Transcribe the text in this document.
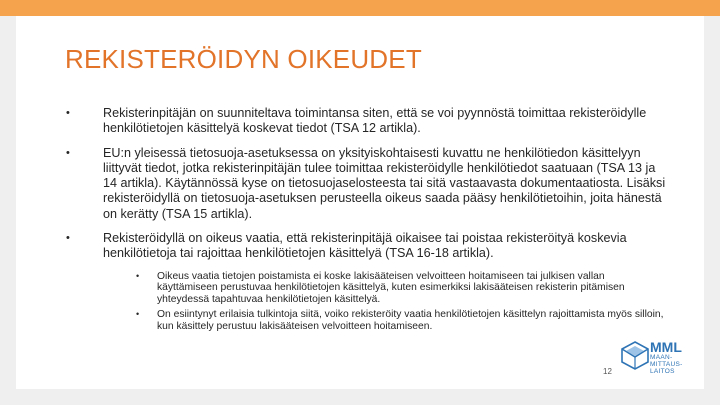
REKISTERÖIDYN OIKEUDET
•	Rekisterinpitäjän on suunniteltava toimintansa siten, että se voi pyynnöstä toimittaa rekisteröidylle henkilötietojen käsittelyä koskevat tiedot (TSA 12 artikla).
•	EU:n yleisessä tietosuoja-asetuksessa on yksityiskohtaisesti kuvattu ne henkilötiedon käsittelyyn liittyvät tiedot, jotka rekisterinpitäjän tulee toimittaa rekisteröidylle henkilötiedot saatuaan (TSA 13 ja 14 artikla). Käytännössä kyse on tietosuojaselosteesta tai sitä vastaavasta dokumentaatiosta. Lisäksi rekisteröidyllä on tietosuoja-asetuksen perusteella oikeus saada pääsy henkilötietoihin, joita hänestä on kerätty (TSA 15 artikla).
•	Rekisteröidyllä on oikeus vaatia, että rekisterinpitäjä oikaisee tai poistaa rekisteröityä koskevia henkilötietoja tai rajoittaa henkilötietojen käsittelyä (TSA 16-18 artikla).
• Oikeus vaatia tietojen poistamista ei koske lakisääteisen velvoitteen hoitamiseen tai julkisen vallan käyttämiseen perustuvaa henkilötietojen käsittelyä, kuten esimerkiksi lakisääteisen rekisterin pitämisen yhteydessä tapahtuvaa henkilötietojen käsittelyä.
• On esiintynyt erilaisia tulkintoja siitä, voiko rekisteröity vaatia henkilötietojen käsittelyn rajoittamista myös silloin, kun käsittely perustuu lakisääteisen velvoitteen hoitamiseen.
MML
MAAN-
MITTAUS-
LAITOS
12
